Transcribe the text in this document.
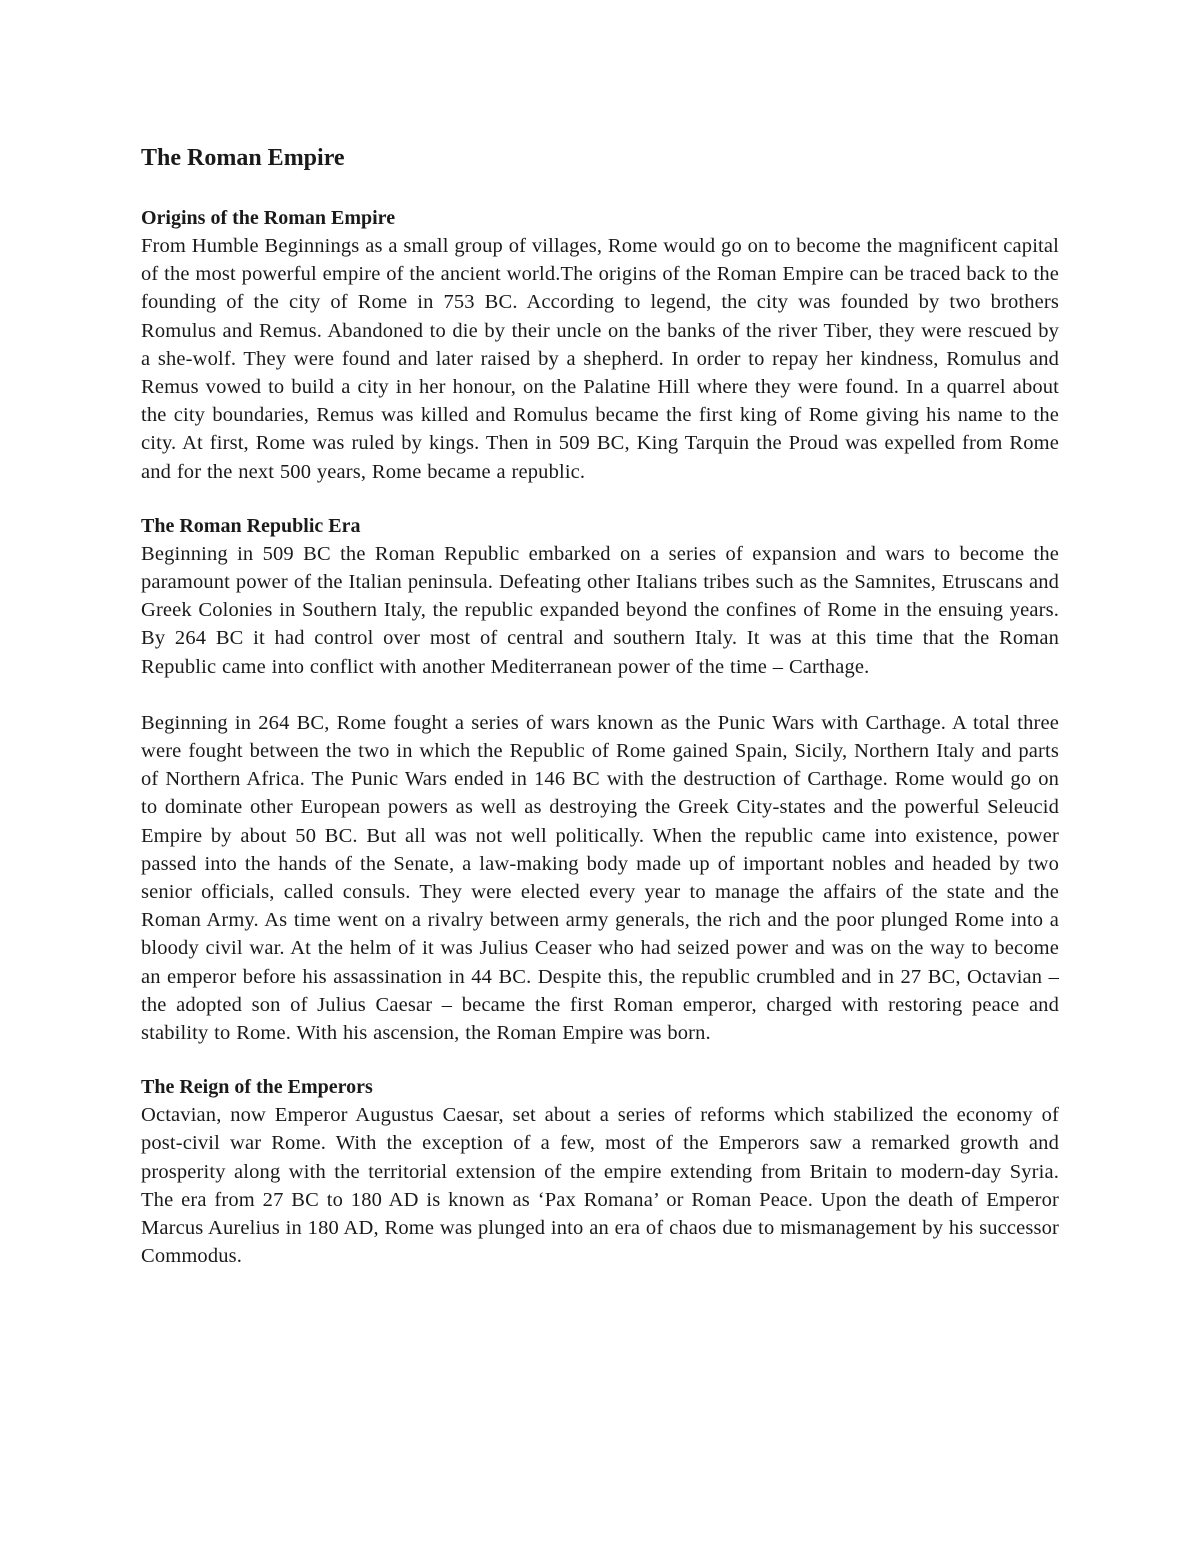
The Roman Empire
Origins of the Roman Empire

From Humble Beginnings as a small group of villages, Rome would go on to become the magnificent capital of the most powerful empire of the ancient world.The origins of the Roman Empire can be traced back to the founding of the city of Rome in 753 BC. According to legend, the city was founded by two brothers Romulus and Remus. Abandoned to die by their uncle on the banks of the river Tiber, they were rescued by a she-wolf. They were found and later raised by a shepherd. In order to repay her kindness, Romulus and Remus vowed to build a city in her honour, on the Palatine Hill where they were found. In a quarrel about the city boundaries, Remus was killed and Romulus became the first king of Rome giving his name to the city. At first, Rome was ruled by kings. Then in 509 BC, King Tarquin the Proud was expelled from Rome and for the next 500 years, Rome became a republic.

The Roman Republic Era

Beginning in 509 BC the Roman Republic embarked on a series of expansion and wars to become the paramount power of the Italian peninsula. Defeating other Italians tribes such as the Samnites, Etruscans and Greek Colonies in Southern Italy, the republic expanded beyond the confines of Rome in the ensuing years. By 264 BC it had control over most of central and southern Italy. It was at this time that the Roman Republic came into conflict with another Mediterranean power of the time – Carthage.

Beginning in 264 BC, Rome fought a series of wars known as the Punic Wars with Carthage. A total three were fought between the two in which the Republic of Rome gained Spain, Sicily, Northern Italy and parts of Northern Africa. The Punic Wars ended in 146 BC with the destruction of Carthage. Rome would go on to dominate other European powers as well as destroying the Greek City-states and the powerful Seleucid Empire by about 50 BC. But all was not well politically. When the republic came into existence, power passed into the hands of the Senate, a law-making body made up of important nobles and headed by two senior officials, called consuls. They were elected every year to manage the affairs of the state and the Roman Army. As time went on a rivalry between army generals, the rich and the poor plunged Rome into a bloody civil war. At the helm of it was Julius Ceaser who had seized power and was on the way to become an emperor before his assassination in 44 BC. Despite this, the republic crumbled and in 27 BC, Octavian – the adopted son of Julius Caesar – became the first Roman emperor, charged with restoring peace and stability to Rome. With his ascension, the Roman Empire was born.

The Reign of the Emperors

Octavian, now Emperor Augustus Caesar, set about a series of reforms which stabilized the economy of post-civil war Rome. With the exception of a few, most of the Emperors saw a remarked growth and prosperity along with the territorial extension of the empire extending from Britain to modern-day Syria. The era from 27 BC to 180 AD is known as ‘Pax Romana’ or Roman Peace. Upon the death of Emperor Marcus Aurelius in 180 AD, Rome was plunged into an era of chaos due to mismanagement by his successor Commodus.
